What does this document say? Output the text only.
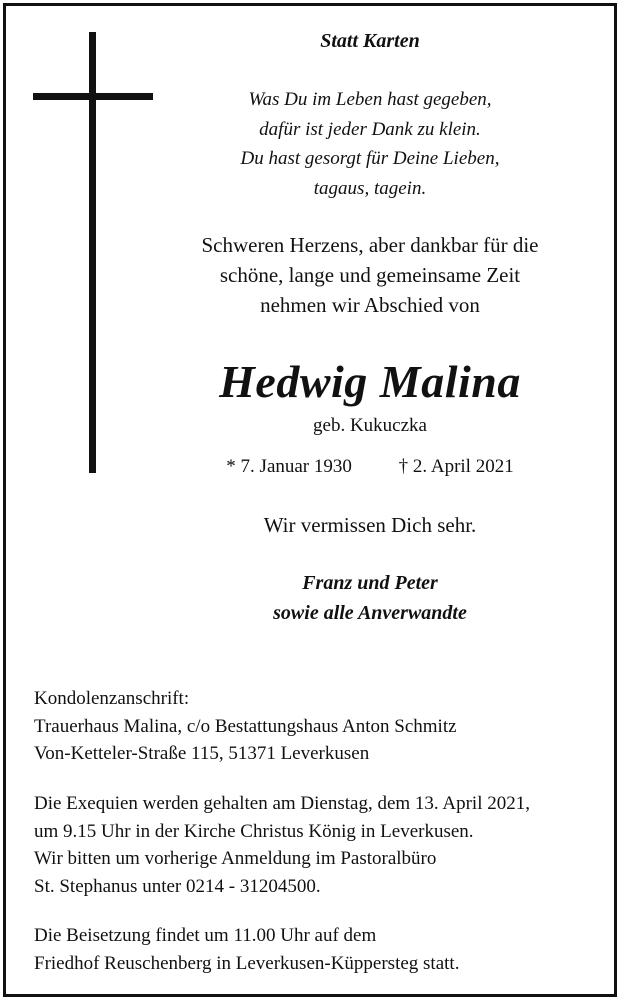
Statt Karten
Was Du im Leben hast gegeben,
dafür ist jeder Dank zu klein.
Du hast gesorgt für Deine Lieben,
tagaus, tagein.
Schweren Herzens, aber dankbar für die
schöne, lange und gemeinsame Zeit
nehmen wir Abschied von
Hedwig Malina
geb. Kukuczka
* 7. Januar 1930 † 2. April 2021
Wir vermissen Dich sehr.
Franz und Peter
sowie alle Anverwandte
Kondolenzanschrift:
Trauerhaus Malina, c/o Bestattungshaus Anton Schmitz
Von-Ketteler-Straße 115, 51371 Leverkusen
Die Exequien werden gehalten am Dienstag, dem 13. April 2021,
um 9.15 Uhr in der Kirche Christus König in Leverkusen.
Wir bitten um vorherige Anmeldung im Pastoralbüro
St. Stephanus unter 0214 - 31204500.
Die Beisetzung findet um 11.00 Uhr auf dem
Friedhof Reuschenberg in Leverkusen-Küppersteg statt.
